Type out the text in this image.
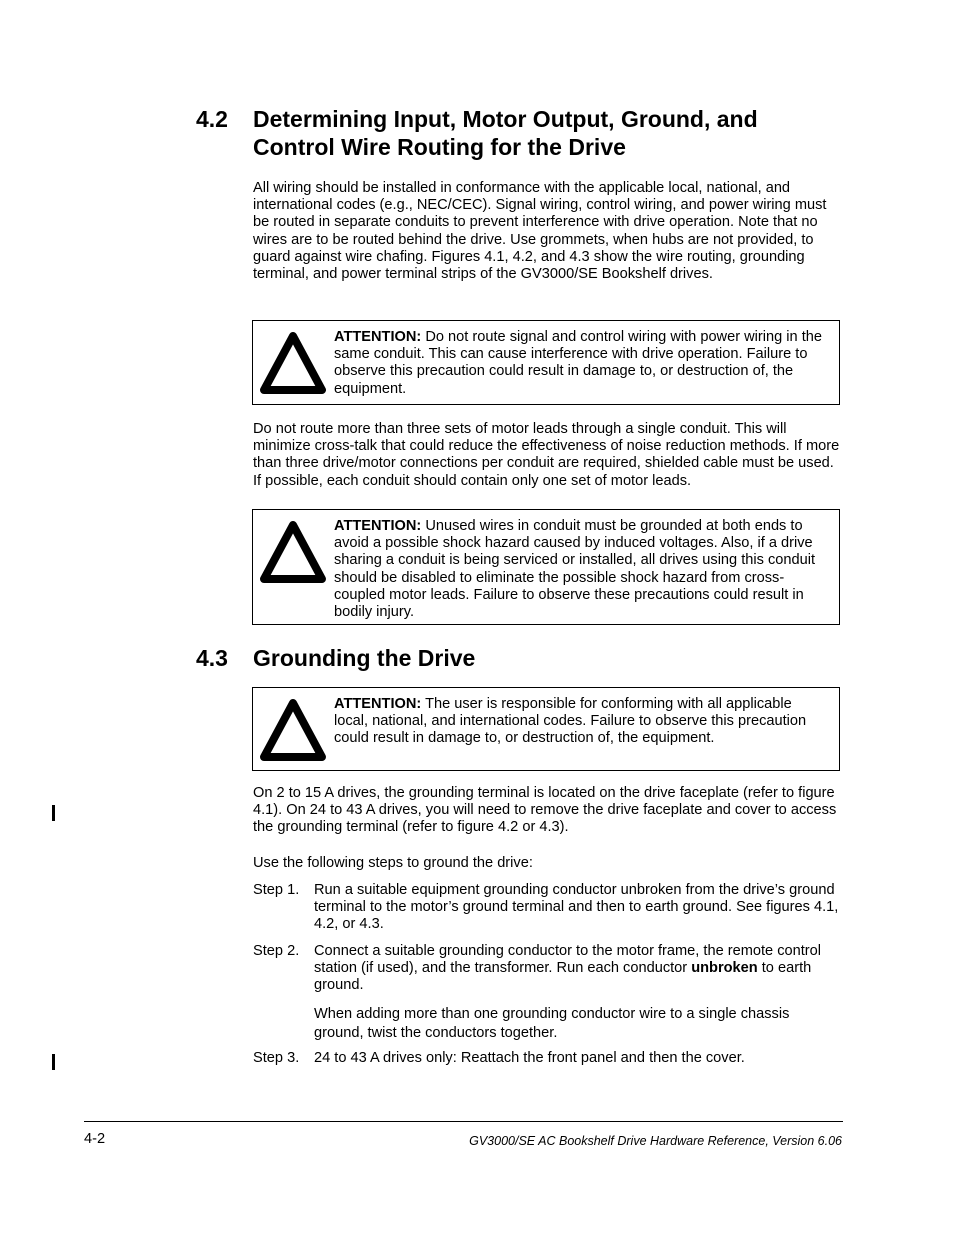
4.2 Determining Input, Motor Output, Ground, and Control Wire Routing for the Drive

All wiring should be installed in conformance with the applicable local, national, and international codes (e.g., NEC/CEC). Signal wiring, control wiring, and power wiring must be routed in separate conduits to prevent interference with drive operation. Note that no wires are to be routed behind the drive. Use grommets, when hubs are not provided, to guard against wire chafing. Figures 4.1, 4.2, and 4.3 show the wire routing, grounding terminal, and power terminal strips of the GV3000/SE Bookshelf drives.

ATTENTION: Do not route signal and control wiring with power wiring in the same conduit. This can cause interference with drive operation. Failure to observe this precaution could result in damage to, or destruction of, the equipment.

Do not route more than three sets of motor leads through a single conduit. This will minimize cross-talk that could reduce the effectiveness of noise reduction methods. If more than three drive/motor connections per conduit are required, shielded cable must be used. If possible, each conduit should contain only one set of motor leads.

ATTENTION: Unused wires in conduit must be grounded at both ends to avoid a possible shock hazard caused by induced voltages. Also, if a drive sharing a conduit is being serviced or installed, all drives using this conduit should be disabled to eliminate the possible shock hazard from cross-coupled motor leads. Failure to observe these precautions could result in bodily injury.
4.3 Grounding the Drive
ATTENTION: The user is responsible for conforming with all applicable local, national, and international codes. Failure to observe this precaution could result in damage to, or destruction of, the equipment.

On 2 to 15 A drives, the grounding terminal is located on the drive faceplate (refer to figure 4.1). On 24 to 43 A drives, you will need to remove the drive faceplate and cover to access the grounding terminal (refer to figure 4.2 or 4.3).

Use the following steps to ground the drive:

Step 1. Run a suitable equipment grounding conductor unbroken from the drive’s ground terminal to the motor’s ground terminal and then to earth ground. See figures 4.1, 4.2, or 4.3.
Step 2. Connect a suitable grounding conductor to the motor frame, the remote control station (if used), and the transformer. Run each conductor unbroken to earth ground.

When adding more than one grounding conductor wire to a single chassis ground, twist the conductors together.

Step 3. 24 to 43 A drives only: Reattach the front panel and then the cover.
4-2	GV3000/SE AC Bookshelf Drive Hardware Reference, Version 6.06
